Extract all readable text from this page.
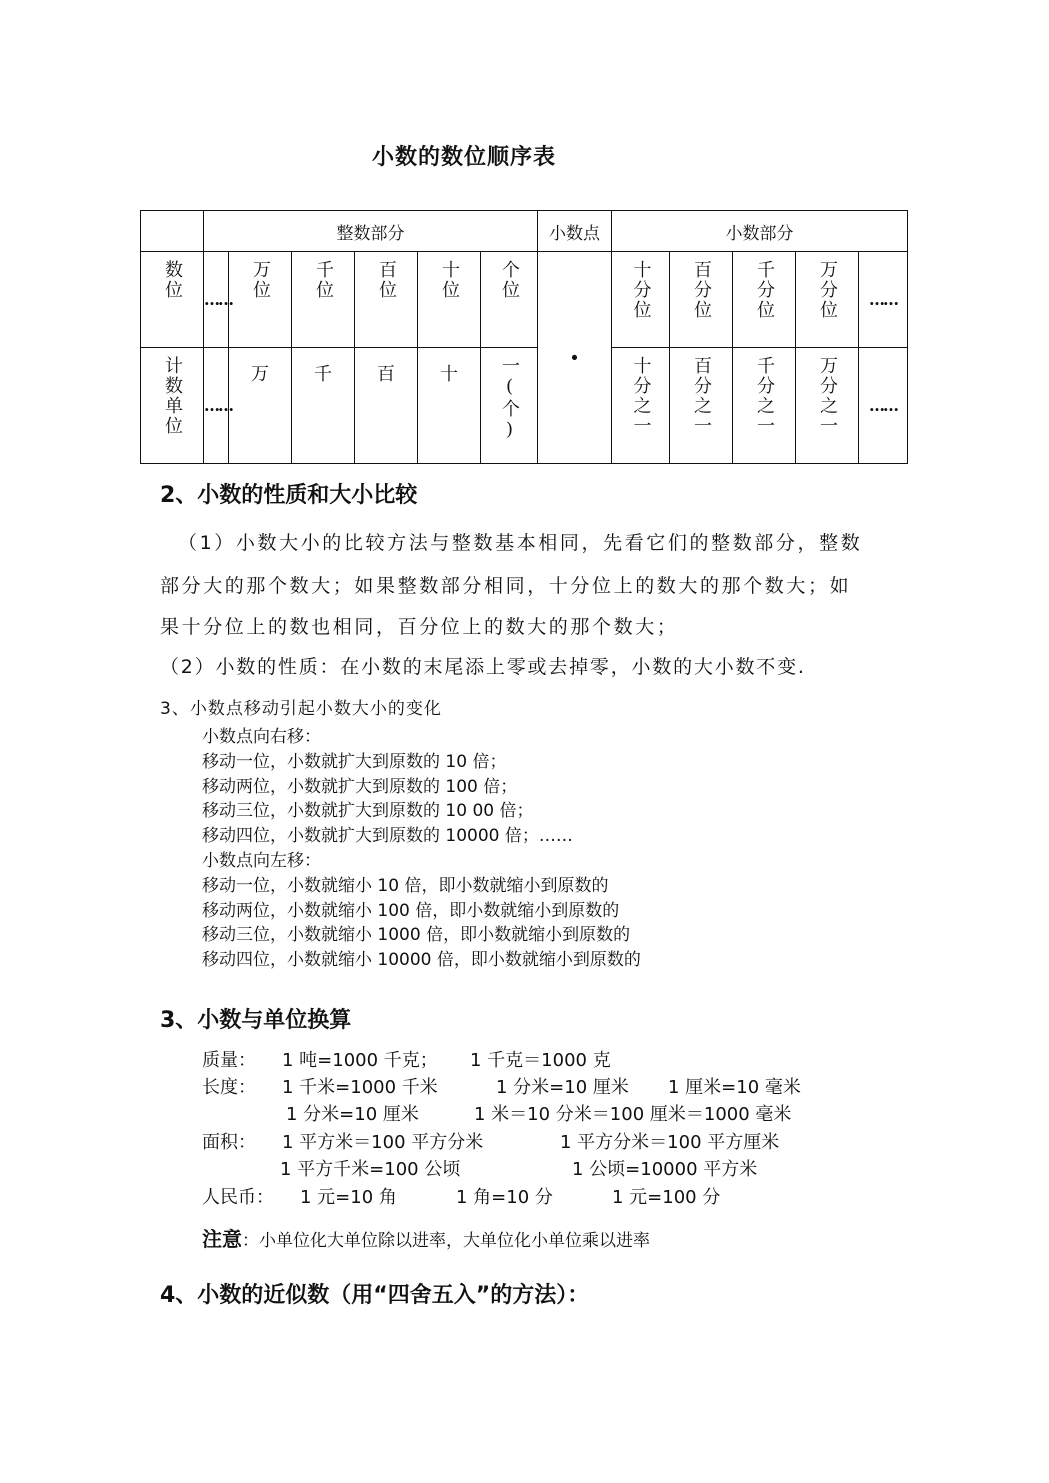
小数的数位顺序表
	整数部分						小数点	小数部分				
数位	……	万位	千位	百位	十位	个位	·	十分位	百分位	千分位	万分位	……
计数单位	……	万	千	百	十	一(个)		十分之一	百分之一	千分之一	万分之一	……
2、小数的性质和大小比较
（1）小数大小的比较方法与整数基本相同，先看它们的整数部分，整数
部分大的那个数大；如果整数部分相同，十分位上的数大的那个数大；如
果十分位上的数也相同，百分位上的数大的那个数大；
（2）小数的性质：在小数的末尾添上零或去掉零，小数的大小数不变.
3、小数点移动引起小数大小的变化
小数点向右移：
移动一位，小数就扩大到原数的 10 倍；
移动两位，小数就扩大到原数的 100 倍；
移动三位，小数就扩大到原数的 10 00 倍；
移动四位，小数就扩大到原数的 10000 倍；……
小数点向左移：
移动一位，小数就缩小 10 倍，即小数就缩小到原数的
移动两位，小数就缩小 100 倍，即小数就缩小到原数的
移动三位，小数就缩小 1000 倍，即小数就缩小到原数的
移动四位，小数就缩小 10000 倍，即小数就缩小到原数的
3、小数与单位换算
质量： 1 吨=1000 千克； 1 千克＝1000 克
长度： 1 千米=1000 千米	1 分米=10 厘米 1 厘米=10 毫米
1 分米=10 厘米	1 米＝10 分米＝100 厘米＝1000 毫米
面积： 1 平方米＝100 平方分米	1 平方分米＝100 平方厘米
1 平方千米=100 公顷	1 公顷=10000 平方米
人民币： 1 元=10 角	1 角=10 分	1 元=100 分
注意：小单位化大单位除以进率，大单位化小单位乘以进率
4、小数的近似数（用“四舍五入”的方法）：
